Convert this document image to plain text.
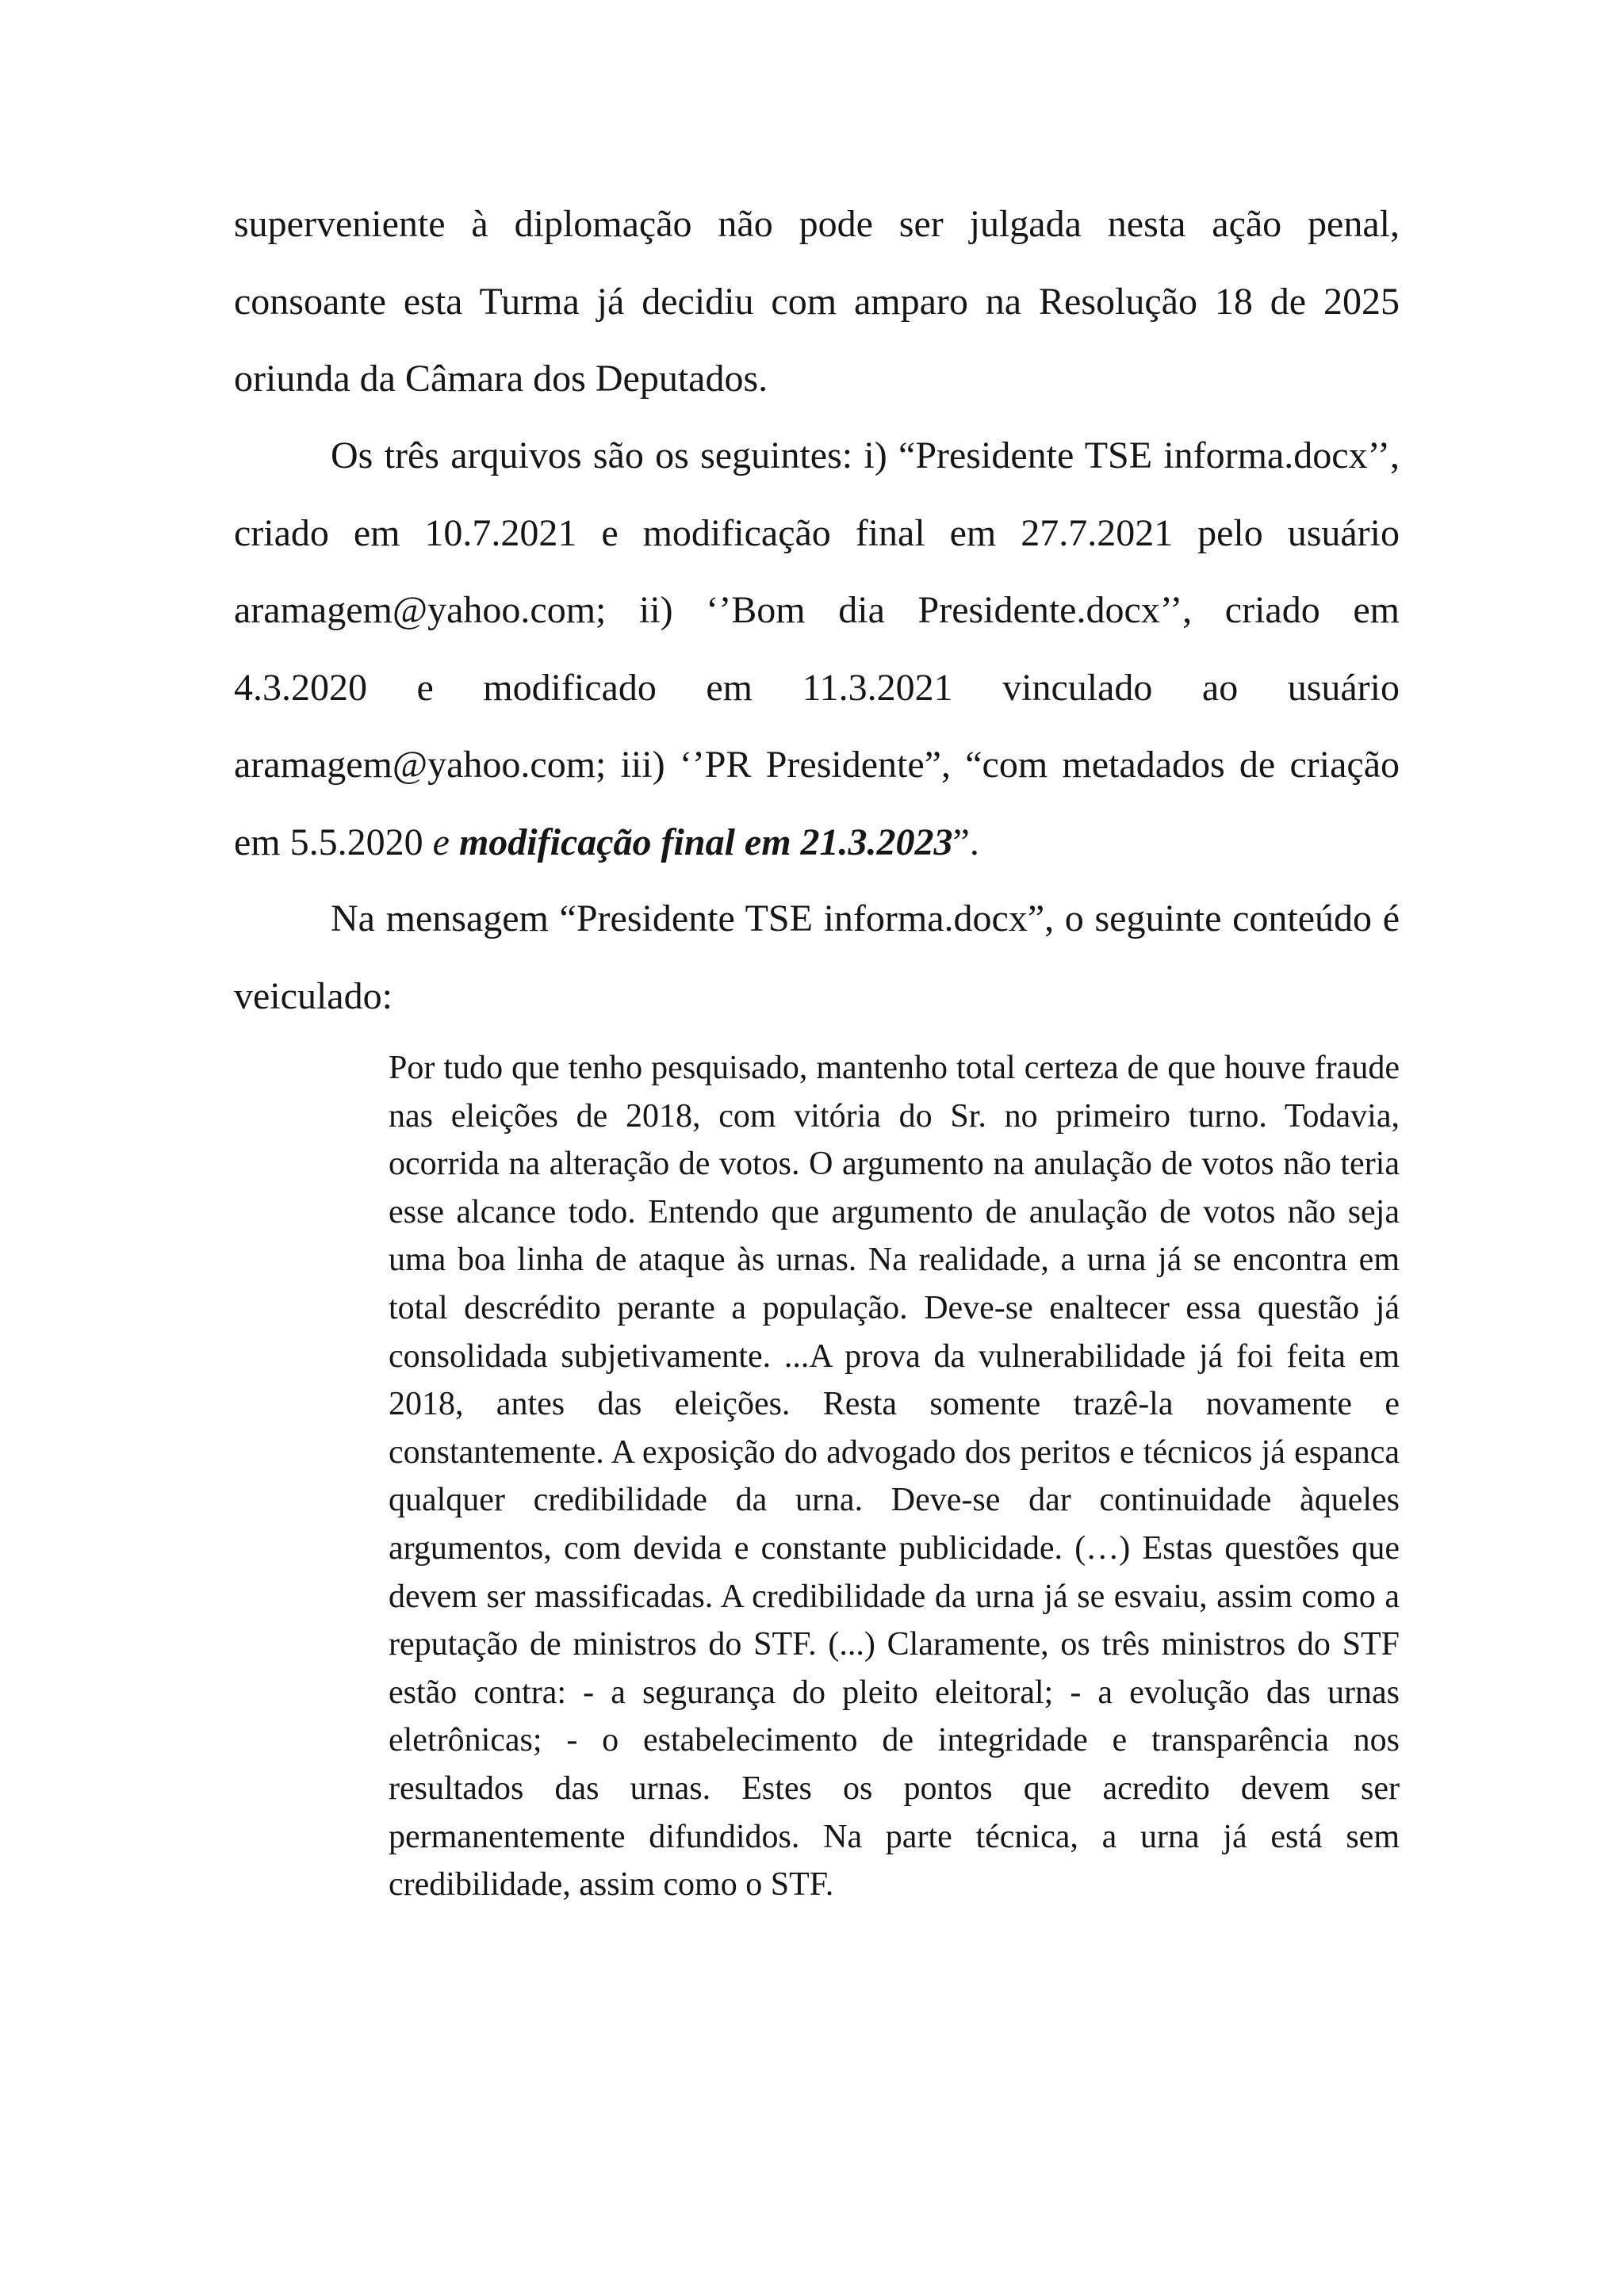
superveniente à diplomação não pode ser julgada nesta ação penal, consoante esta Turma já decidiu com amparo na Resolução 18 de 2025 oriunda da Câmara dos Deputados.

Os três arquivos são os seguintes: i) “Presidente TSE informa.docx’’, criado em 10.7.2021 e modificação final em 27.7.2021 pelo usuário aramagem@yahoo.com; ii) ‘’Bom dia Presidente.docx’’, criado em 4.3.2020 e modificado em 11.3.2021 vinculado ao usuário aramagem@yahoo.com; iii) ‘’PR Presidente”, “com metadados de criação em 5.5.2020 e modificação final em 21.3.2023”.

Na mensagem “Presidente TSE informa.docx”, o seguinte conteúdo é veiculado:

Por tudo que tenho pesquisado, mantenho total certeza de que houve fraude nas eleições de 2018, com vitória do Sr. no primeiro turno. Todavia, ocorrida na alteração de votos. O argumento na anulação de votos não teria esse alcance todo. Entendo que argumento de anulação de votos não seja uma boa linha de ataque às urnas. Na realidade, a urna já se encontra em total descrédito perante a população. Deve-se enaltecer essa questão já consolidada subjetivamente. ...A prova da vulnerabilidade já foi feita em 2018, antes das eleições. Resta somente trazê-la novamente e constantemente. A exposição do advogado dos peritos e técnicos já espanca qualquer credibilidade da urna. Deve-se dar continuidade àqueles argumentos, com devida e constante publicidade. (…) Estas questões que devem ser massificadas. A credibilidade da urna já se esvaiu, assim como a reputação de ministros do STF. (...) Claramente, os três ministros do STF estão contra: - a segurança do pleito eleitoral; - a evolução das urnas eletrônicas; - o estabelecimento de integridade e transparência nos resultados das urnas. Estes os pontos que acredito devem ser permanentemente difundidos. Na parte técnica, a urna já está sem credibilidade, assim como o STF.
